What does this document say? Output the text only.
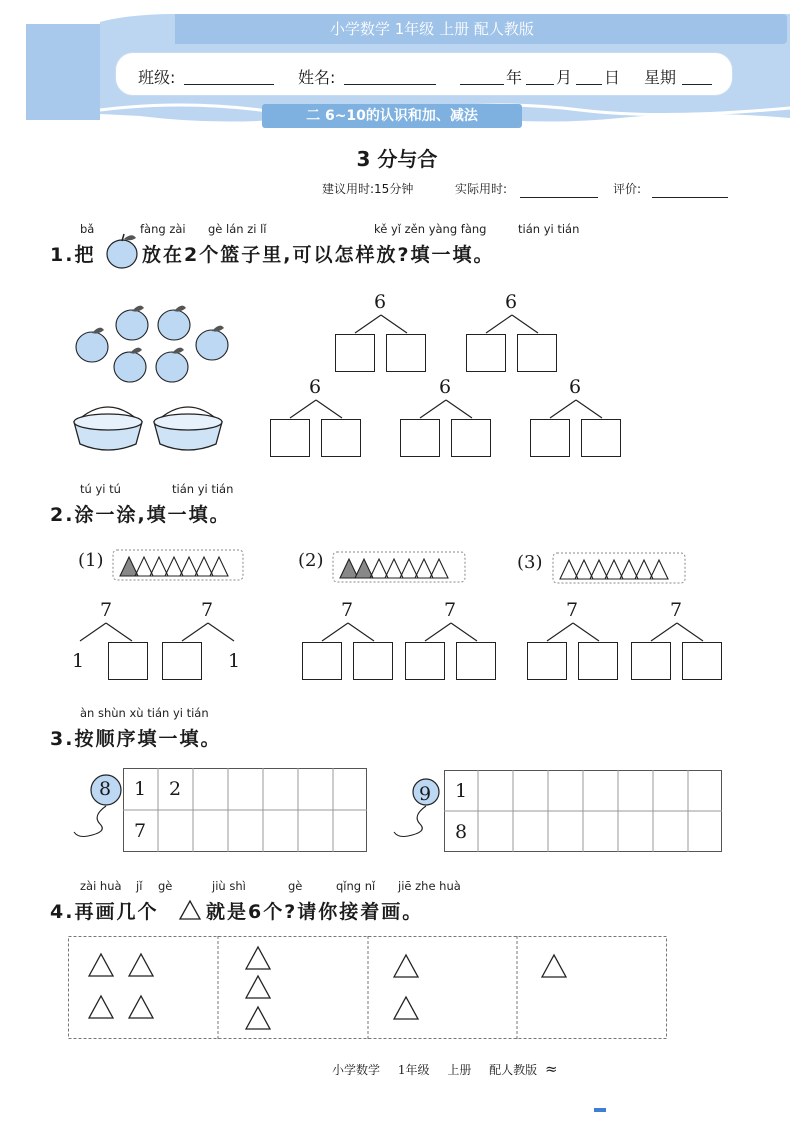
小学数学 1年级 上册 配人教版
班级:	姓名:	年 月 日 星期
二 6~10的认识和加、减法
3 分与合
建议用时:15分钟	实际用时:	评价:
bǎ	fàng zài gè lán zi lǐ	kě yǐ zěn yàng fàng	tián yi tián
1.把 放在2个篮子里,可以怎样放?填一填。
6	6
6	6	6
tú yi tú	tián yi tián
2.涂一涂,填一填。
(1)	(2)	(3)
7
1
7
1
7	7	7	7
àn shùn xù tián yi tián
3.按顺序填一填。
8 1 2
7
9 1
8
zài huà jǐ gè	jiù shì	gè	qǐng nǐ jiē zhe huà
4.再画几个	就是6个?请你接着画。
小学数学 1年级 上册 配人教版 ≈
